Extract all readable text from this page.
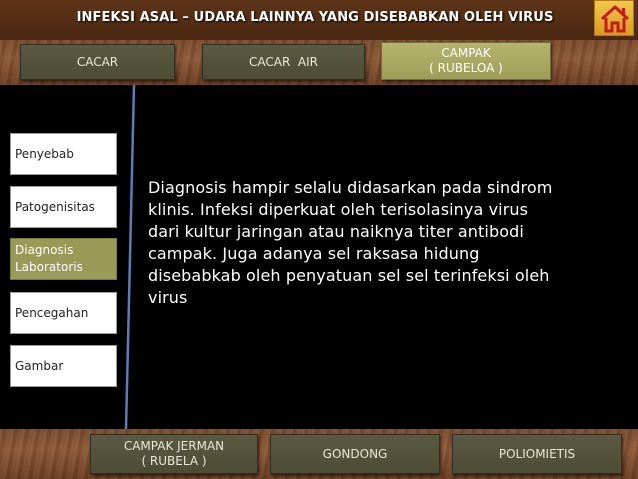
INFEKSI ASAL – UDARA LAINNYA YANG DISEBABKAN OLEH VIRUS
CACAR	CACAR  AIR
CAMPAK
( RUBELOA )
Penyebab
Patogenisitas
Diagnosis
Laboratoris
Pencegahan
Gambar
Diagnosis hampir selalu didasarkan pada sindrom
klinis. Infeksi diperkuat oleh terisolasinya virus
dari kultur jaringan atau naiknya titer antibodi
campak. Juga adanya sel raksasa hidung
disebabkab oleh penyatuan sel sel terinfeksi oleh
virus
CAMPAK JERMAN
( RUBELA )
GONDONG	POLIOMIETIS
